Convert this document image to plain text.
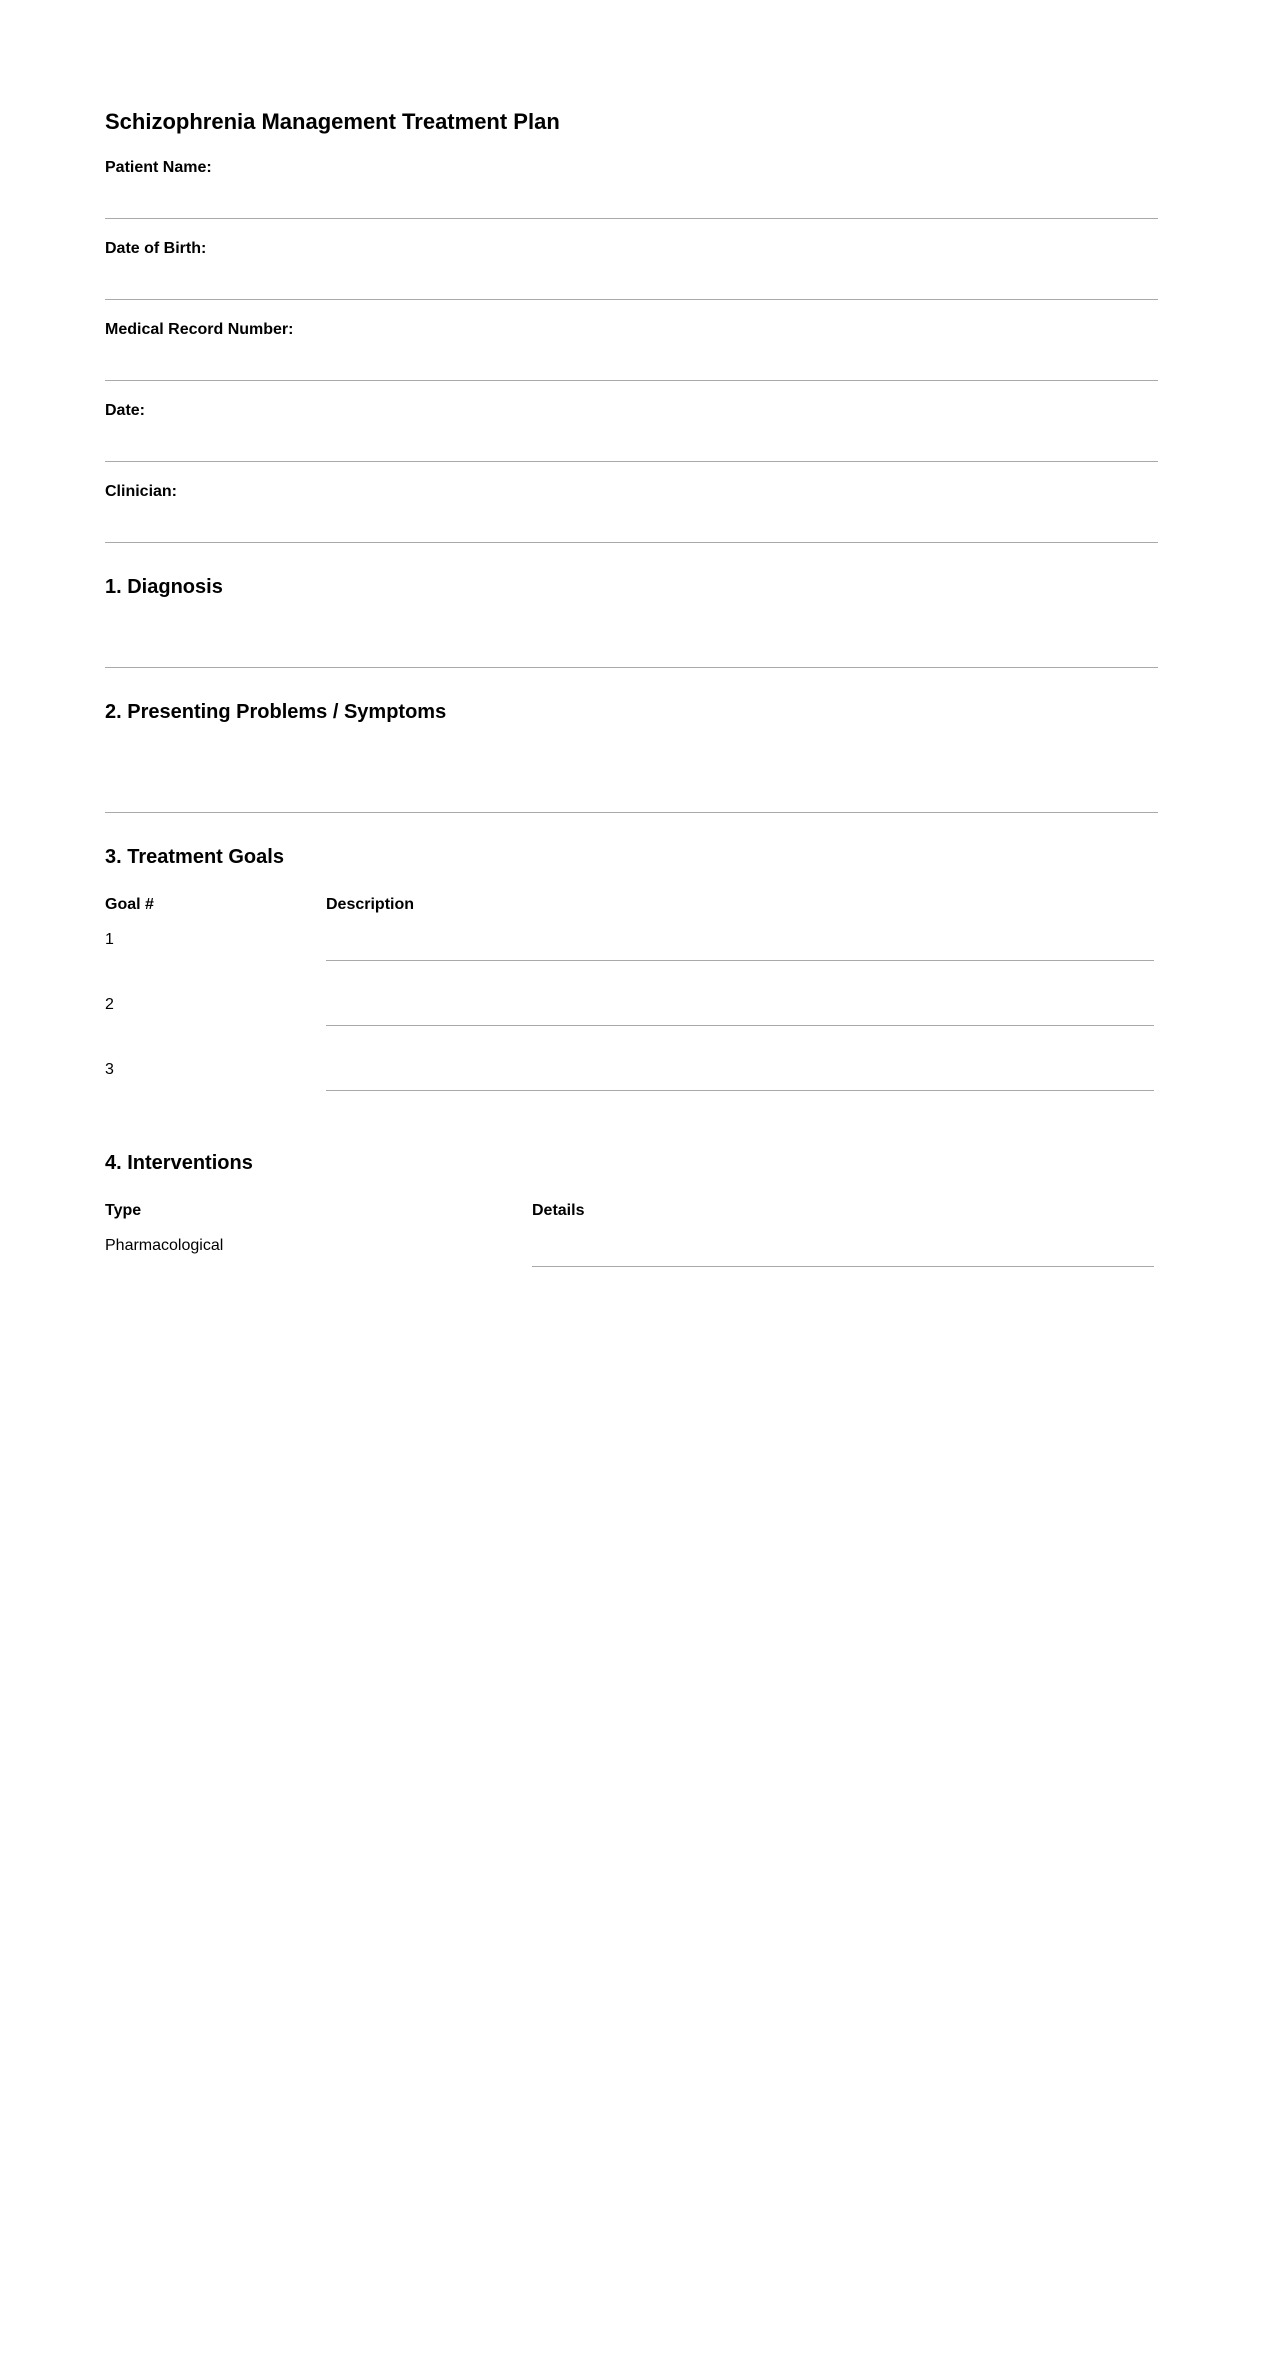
Schizophrenia Management Treatment Plan
Patient Name:
Date of Birth:
Medical Record Number:
Date:
Clinician:
1. Diagnosis
2. Presenting Problems / Symptoms
3. Treatment Goals
Goal #	Description
1
2
3
4. Interventions
Type	Details
Pharmacological
